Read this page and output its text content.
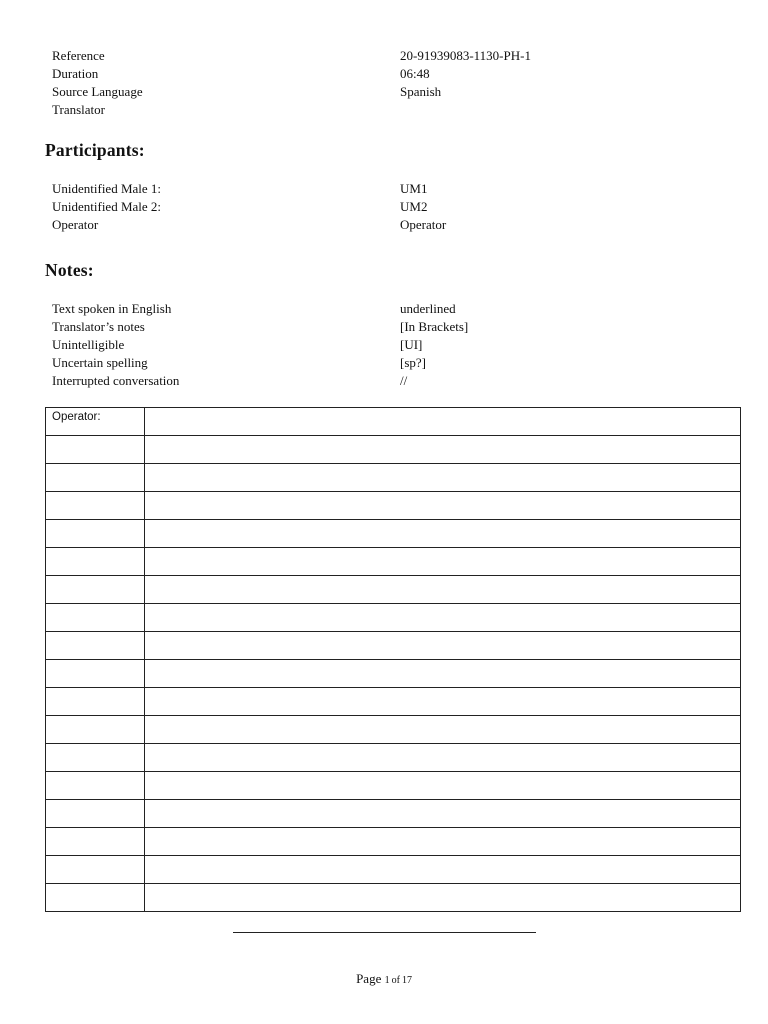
Reference	20-91939083-1130-PH-1
Duration	06:48
Source Language	Spanish
Translator
Participants:
Unidentified Male 1:	UM1
Unidentified Male 2:	UM2
Operator	Operator
Notes:
Text spoken in English	underlined
Translator’s notes	[In Brackets]
Unintelligible	[UI]
Uncertain spelling	[sp?]
Interrupted conversation	//
Operator:	

Page 1 of 17
